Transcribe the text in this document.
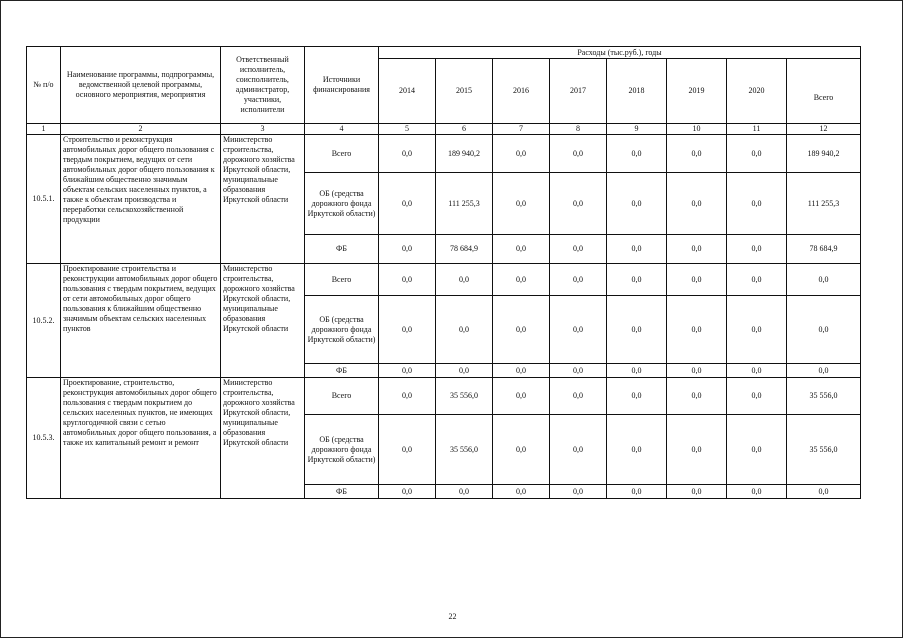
№ п/о	Наименование программы, подпрограммы, ведомственной целевой программы, основного мероприятия, мероприятия	Ответственный исполнитель, соисполнитель, администратор, участники, исполнители	Источники финансирования	Расходы (тыс.руб.), годы							
				2014	2015	2016	2017	2018	2019	2020	Всего
1	2	3	4	5	6	7	8	9	10	11	12
10.5.1.	Строительство и реконструкция автомобильных дорог общего пользования с твердым покрытием, ведущих от сети автомобильных дорог общего пользования к ближайшим общественно значимым объектам сельских населенных пунктов, а также к объектам производства и переработки сельскохозяйственной продукции	Министерство строительства, дорожного хозяйства Иркутской области, муниципальные образования Иркутской области	Всего	0,0	189 940,2	0,0	0,0	0,0	0,0	0,0	189 940,2
			ОБ (средства дорожного фонда Иркутской области)	0,0	111 255,3	0,0	0,0	0,0	0,0	0,0	111 255,3
			ФБ	0,0	78 684,9	0,0	0,0	0,0	0,0	0,0	78 684,9
10.5.2.	Проектирование строительства и реконструкции автомобильных дорог общего пользования с твердым покрытием, ведущих от сети автомобильных дорог общего пользования к ближайшим общественно значимым объектам сельских населенных пунктов	Министерство строительства, дорожного хозяйства Иркутской области, муниципальные образования Иркутской области	Всего	0,0	0,0	0,0	0,0	0,0	0,0	0,0	0,0
			ОБ (средства дорожного фонда Иркутской области)	0,0	0,0	0,0	0,0	0,0	0,0	0,0	0,0
			ФБ	0,0	0,0	0,0	0,0	0,0	0,0	0,0	0,0
10.5.3.	Проектирование, строительство, реконструкция автомобильных дорог общего пользования с твердым покрытием до сельских населенных пунктов, не имеющих круглогодичной связи с сетью автомобильных дорог общего пользования, а также их капитальный ремонт и ремонт	Министерство строительства, дорожного хозяйства Иркутской области, муниципальные образования Иркутской области	Всего	0,0	35 556,0	0,0	0,0	0,0	0,0	0,0	35 556,0
			ОБ (средства дорожного фонда Иркутской области)	0,0	35 556,0	0,0	0,0	0,0	0,0	0,0	35 556,0
			ФБ	0,0	0,0	0,0	0,0	0,0	0,0	0,0	0,0
22
